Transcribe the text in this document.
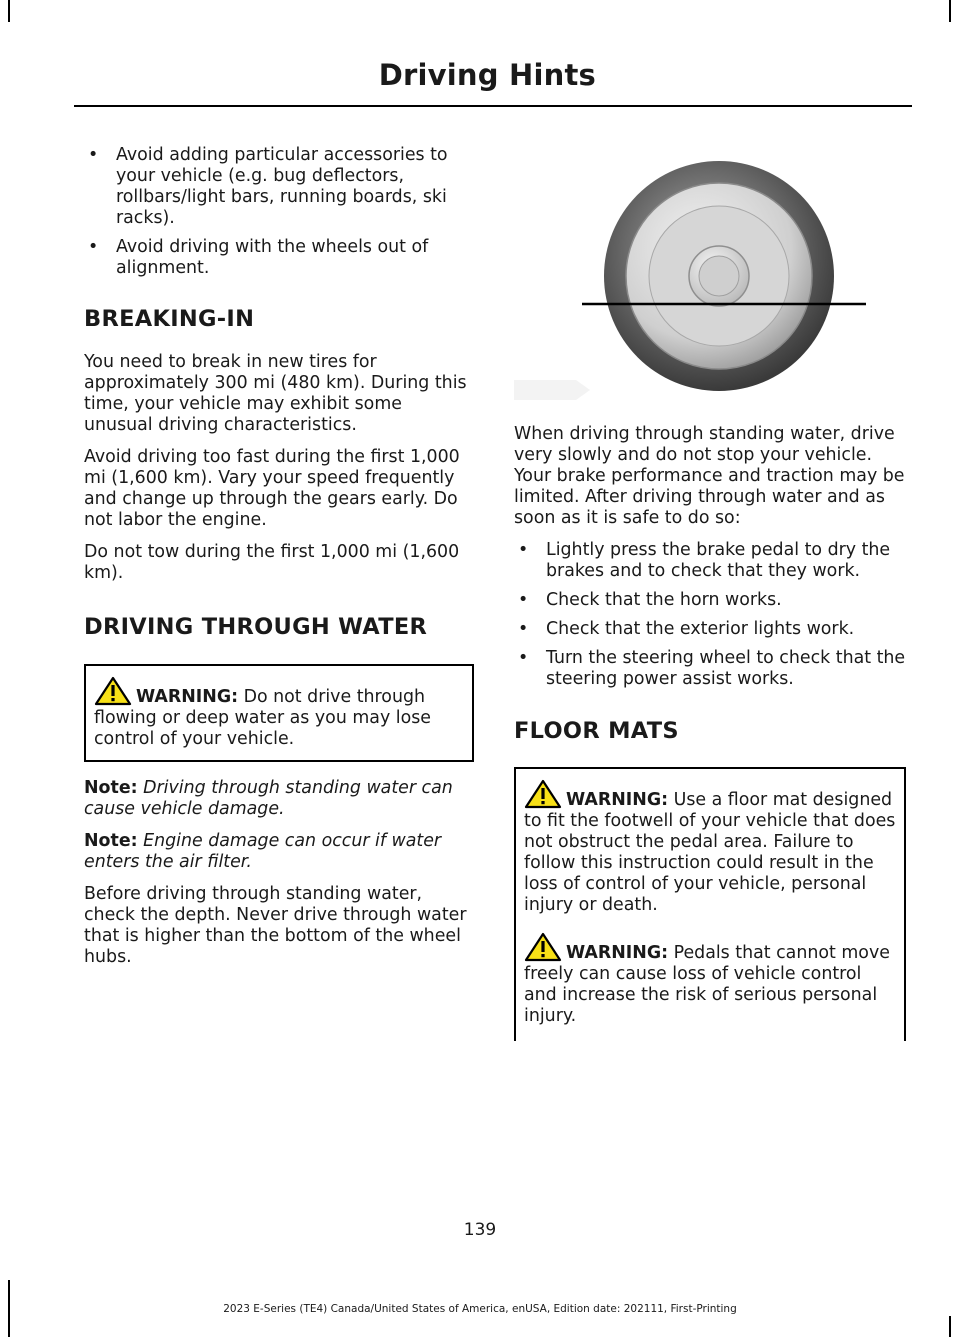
Driving Hints
• Avoid adding particular accessories to your vehicle (e.g. bug deflectors, rollbars/light bars, running boards, ski racks).
• Avoid driving with the wheels out of alignment.
BREAKING-IN

You need to break in new tires for approximately 300 mi (480 km). During this time, your vehicle may exhibit some unusual driving characteristics.

Avoid driving too fast during the first 1,000 mi (1,600 km). Vary your speed frequently and change up through the gears early. Do not labor the engine.

Do not tow during the first 1,000 mi (1,600 km).

DRIVING THROUGH WATER

WARNING: Do not drive through flowing or deep water as you may lose control of your vehicle.

Note: Driving through standing water can cause vehicle damage.

Note: Engine damage can occur if water enters the air filter.

Before driving through standing water, check the depth. Never drive through water that is higher than the bottom of the wheel hubs.

When driving through standing water, drive very slowly and do not stop your vehicle. Your brake performance and traction may be limited. After driving through water and as soon as it is safe to do so:

• Lightly press the brake pedal to dry the brakes and to check that they work.
• Check that the horn works.
• Check that the exterior lights work.
• Turn the steering wheel to check that the steering power assist works.
FLOOR MATS

WARNING: Use a floor mat designed to fit the footwell of your vehicle that does not obstruct the pedal area. Failure to follow this instruction could result in the loss of control of your vehicle, personal injury or death.

WARNING: Pedals that cannot move freely can cause loss of vehicle control and increase the risk of serious personal injury.

139
2023 E-Series (TE4) Canada/United States of America, enUSA, Edition date: 202111, First-Printing
